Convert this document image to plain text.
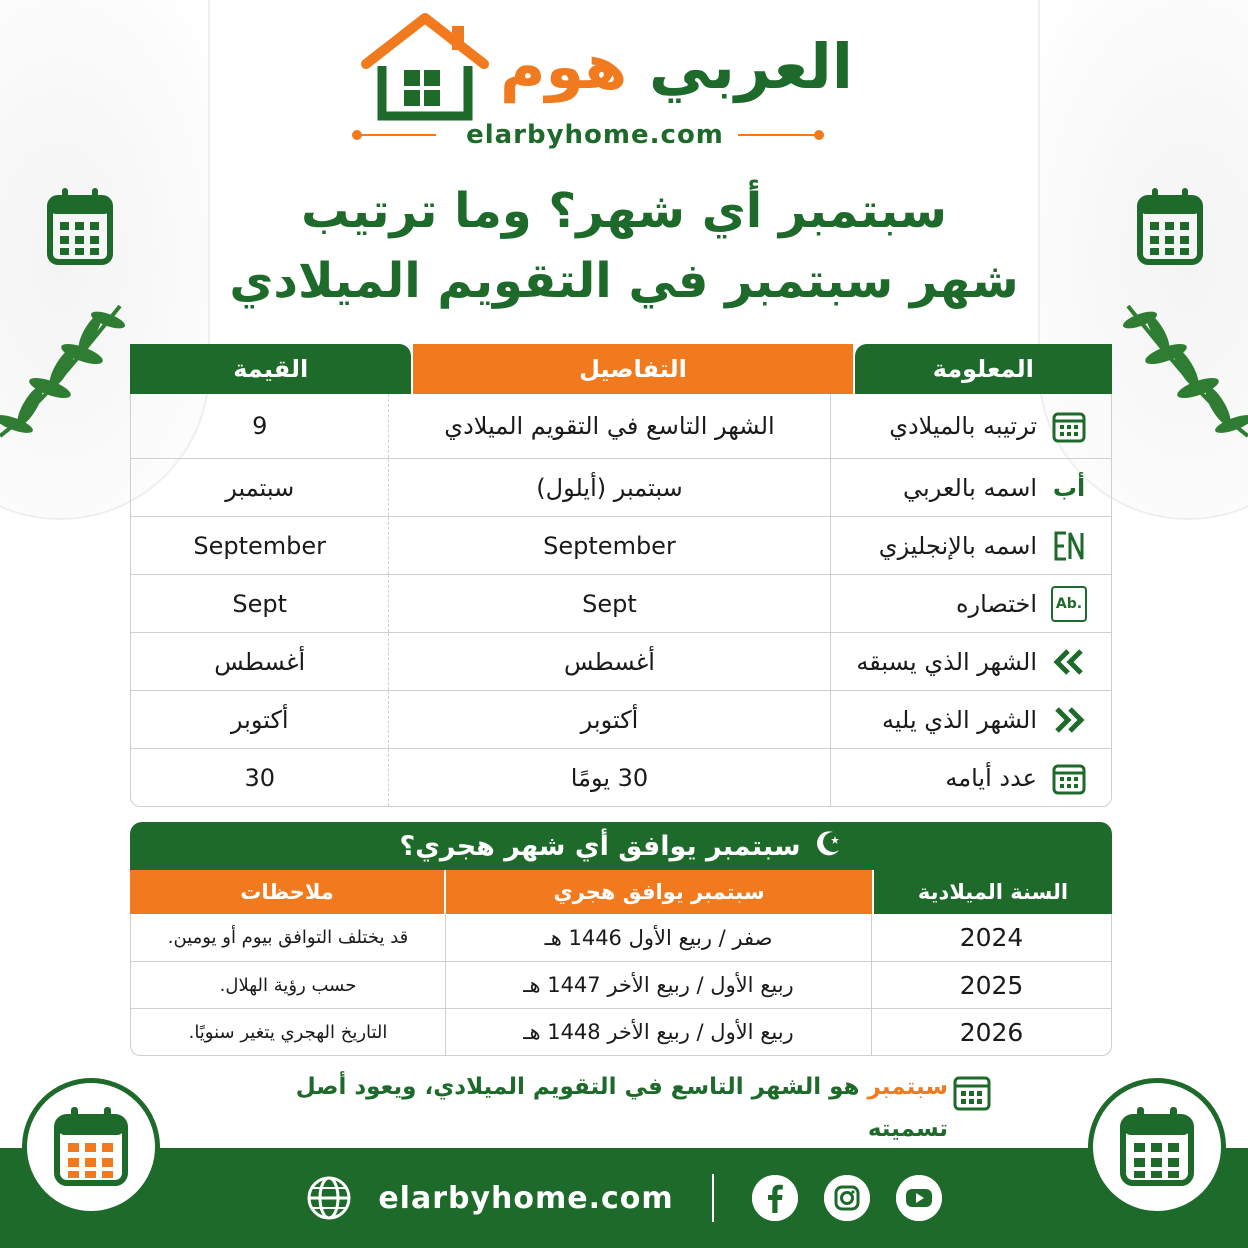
العربي هوم
elarbyhome.com
سبتمبر أي شهر؟ وما ترتيب
شهر سبتمبر في التقويم الميلادي
المعلومة
التفاصيل
القيمة
ترتيبه بالميلادي
الشهر التاسع في التقويم الميلادي
9
أب
اسمه بالعربي
سبتمبر (أيلول)
سبتمبر
اسمه بالإنجليزي
September
September
Ab.
اختصاره
Sept
Sept
الشهر الذي يسبقه
أغسطس
أغسطس
الشهر الذي يليه
أكتوبر
أكتوبر
عدد أيامه
30 يومًا
30
سبتمبر يوافق أي شهر هجري؟
السنة الميلادية
سبتمبر يوافق هجري
ملاحظات
2024
صفر / ربيع الأول 1446 هـ
قد يختلف التوافق بيوم أو يومين.
2025
ربيع الأول / ربيع الأخر 1447 هـ
حسب رؤية الهلال.
2026
ربيع الأول / ربيع الأخر 1448 هـ
التاريخ الهجري يتغير سنويًا.
سبتمبر هو الشهر التاسع في التقويم الميلادي، ويعود أصل تسميته
elarbyhome.com
